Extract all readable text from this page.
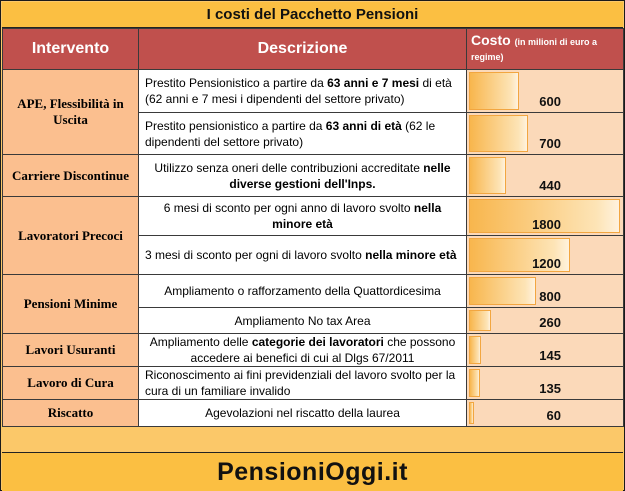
I costi del Pacchetto Pensioni
Intervento	Descrizione	Costo (in milioni di euro a regime)
APE, Flessibilità in Uscita	Prestito Pensionistico a partire da 63 anni e 7 mesi di età (62 anni e 7 mesi i dipendenti del settore privato)	600

	Prestito pensionistico a partire da 63 anni di età (62 le dipendenti del settore privato)	700

Carriere Discontinue	Utilizzo senza oneri delle contribuzioni accreditate nelle diverse gestioni dell'Inps.	440

Lavoratori Precoci	6 mesi di sconto per ogni anno di lavoro svolto nella minore età	1800

	3 mesi di sconto per ogni di lavoro svolto nella minore età	1200

Pensioni Minime	Ampliamento o rafforzamento della Quattordicesima	800

	Ampliamento No tax Area	260

Lavori Usuranti	Ampliamento delle categorie dei lavoratori che possono accedere ai benefici di cui al Dlgs 67/2011	145

Lavoro di Cura	Riconoscimento ai fini previdenziali del lavoro svolto per la cura di un familiare invalido	135

Riscatto	Agevolazioni nel riscatto della laurea	60
PensioniOggi.it
